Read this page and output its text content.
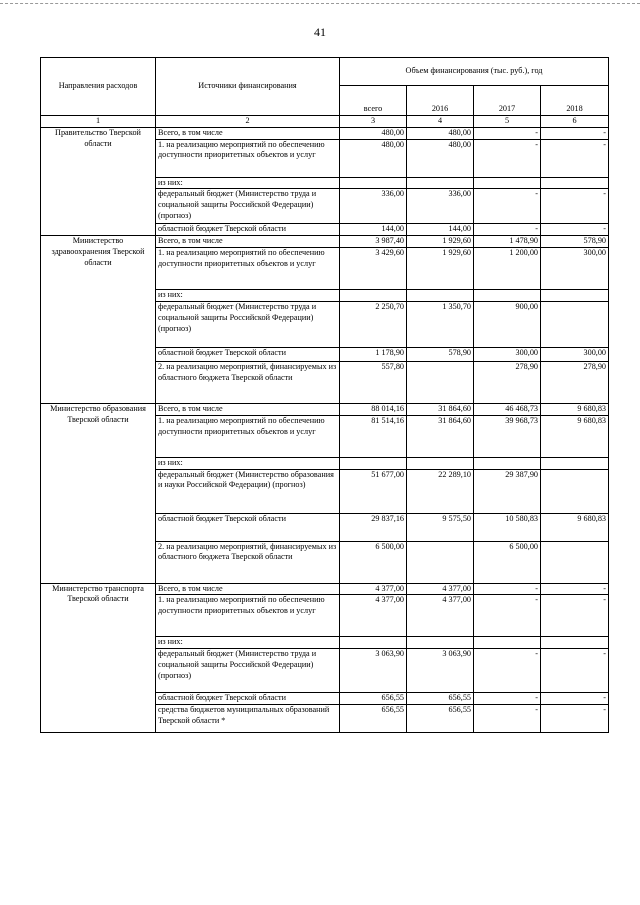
41
Направления расходов	Источники финансирования	Объем финансирования (тыс. руб.), год			
		всего	2016	2017	2018
1	2	3	4	5	6
Правительство Тверской области	Всего, в том числе	480,00	480,00	-	-
	1. на реализацию мероприятий по обеспечению доступности приоритетных объектов и услуг	480,00	480,00	-	-
	из них:				
	федеральный бюджет (Министерство труда и социальной защиты Российской Федерации) (прогноз)	336,00	336,00	-	-
	областной бюджет Тверской области	144,00	144,00	-	-
Министерство здравоохранения Тверской области	Всего, в том числе	3 987,40	1 929,60	1 478,90	578,90
	1. на реализацию мероприятий по обеспечению доступности приоритетных объектов и услуг	3 429,60	1 929,60	1 200,00	300,00
	из них:				
	федеральный бюджет (Министерство труда и социальной защиты Российской Федерации) (прогноз)	2 250,70	1 350,70	900,00	
	областной бюджет Тверской области	1 178,90	578,90	300,00	300,00
	2. на реализацию мероприятий, финансируемых из областного бюджета Тверской области	557,80		278,90	278,90
Министерство образования Тверской области	Всего, в том числе	88 014,16	31 864,60	46 468,73	9 680,83
	1. на реализацию мероприятий по обеспечению доступности приоритетных объектов и услуг	81 514,16	31 864,60	39 968,73	9 680,83
	из них:				
	федеральный бюджет (Министерство образования и науки Российской Федерации) (прогноз)	51 677,00	22 289,10	29 387,90	
	областной бюджет Тверской области	29 837,16	9 575,50	10 580,83	9 680,83
	2. на реализацию мероприятий, финансируемых из областного бюджета Тверской области	6 500,00		6 500,00	
Министерство транспорта Тверской области	Всего, в том числе	4 377,00	4 377,00	-	-
	1. на реализацию мероприятий по обеспечению доступности приоритетных объектов и услуг	4 377,00	4 377,00	-	-
	из них:				
	федеральный бюджет (Министерство труда и социальной защиты Российской Федерации) (прогноз)	3 063,90	3 063,90	-	-
	областной бюджет Тверской области	656,55	656,55	-	-
	средства бюджетов муниципальных образований Тверской области *	656,55	656,55	-	-
